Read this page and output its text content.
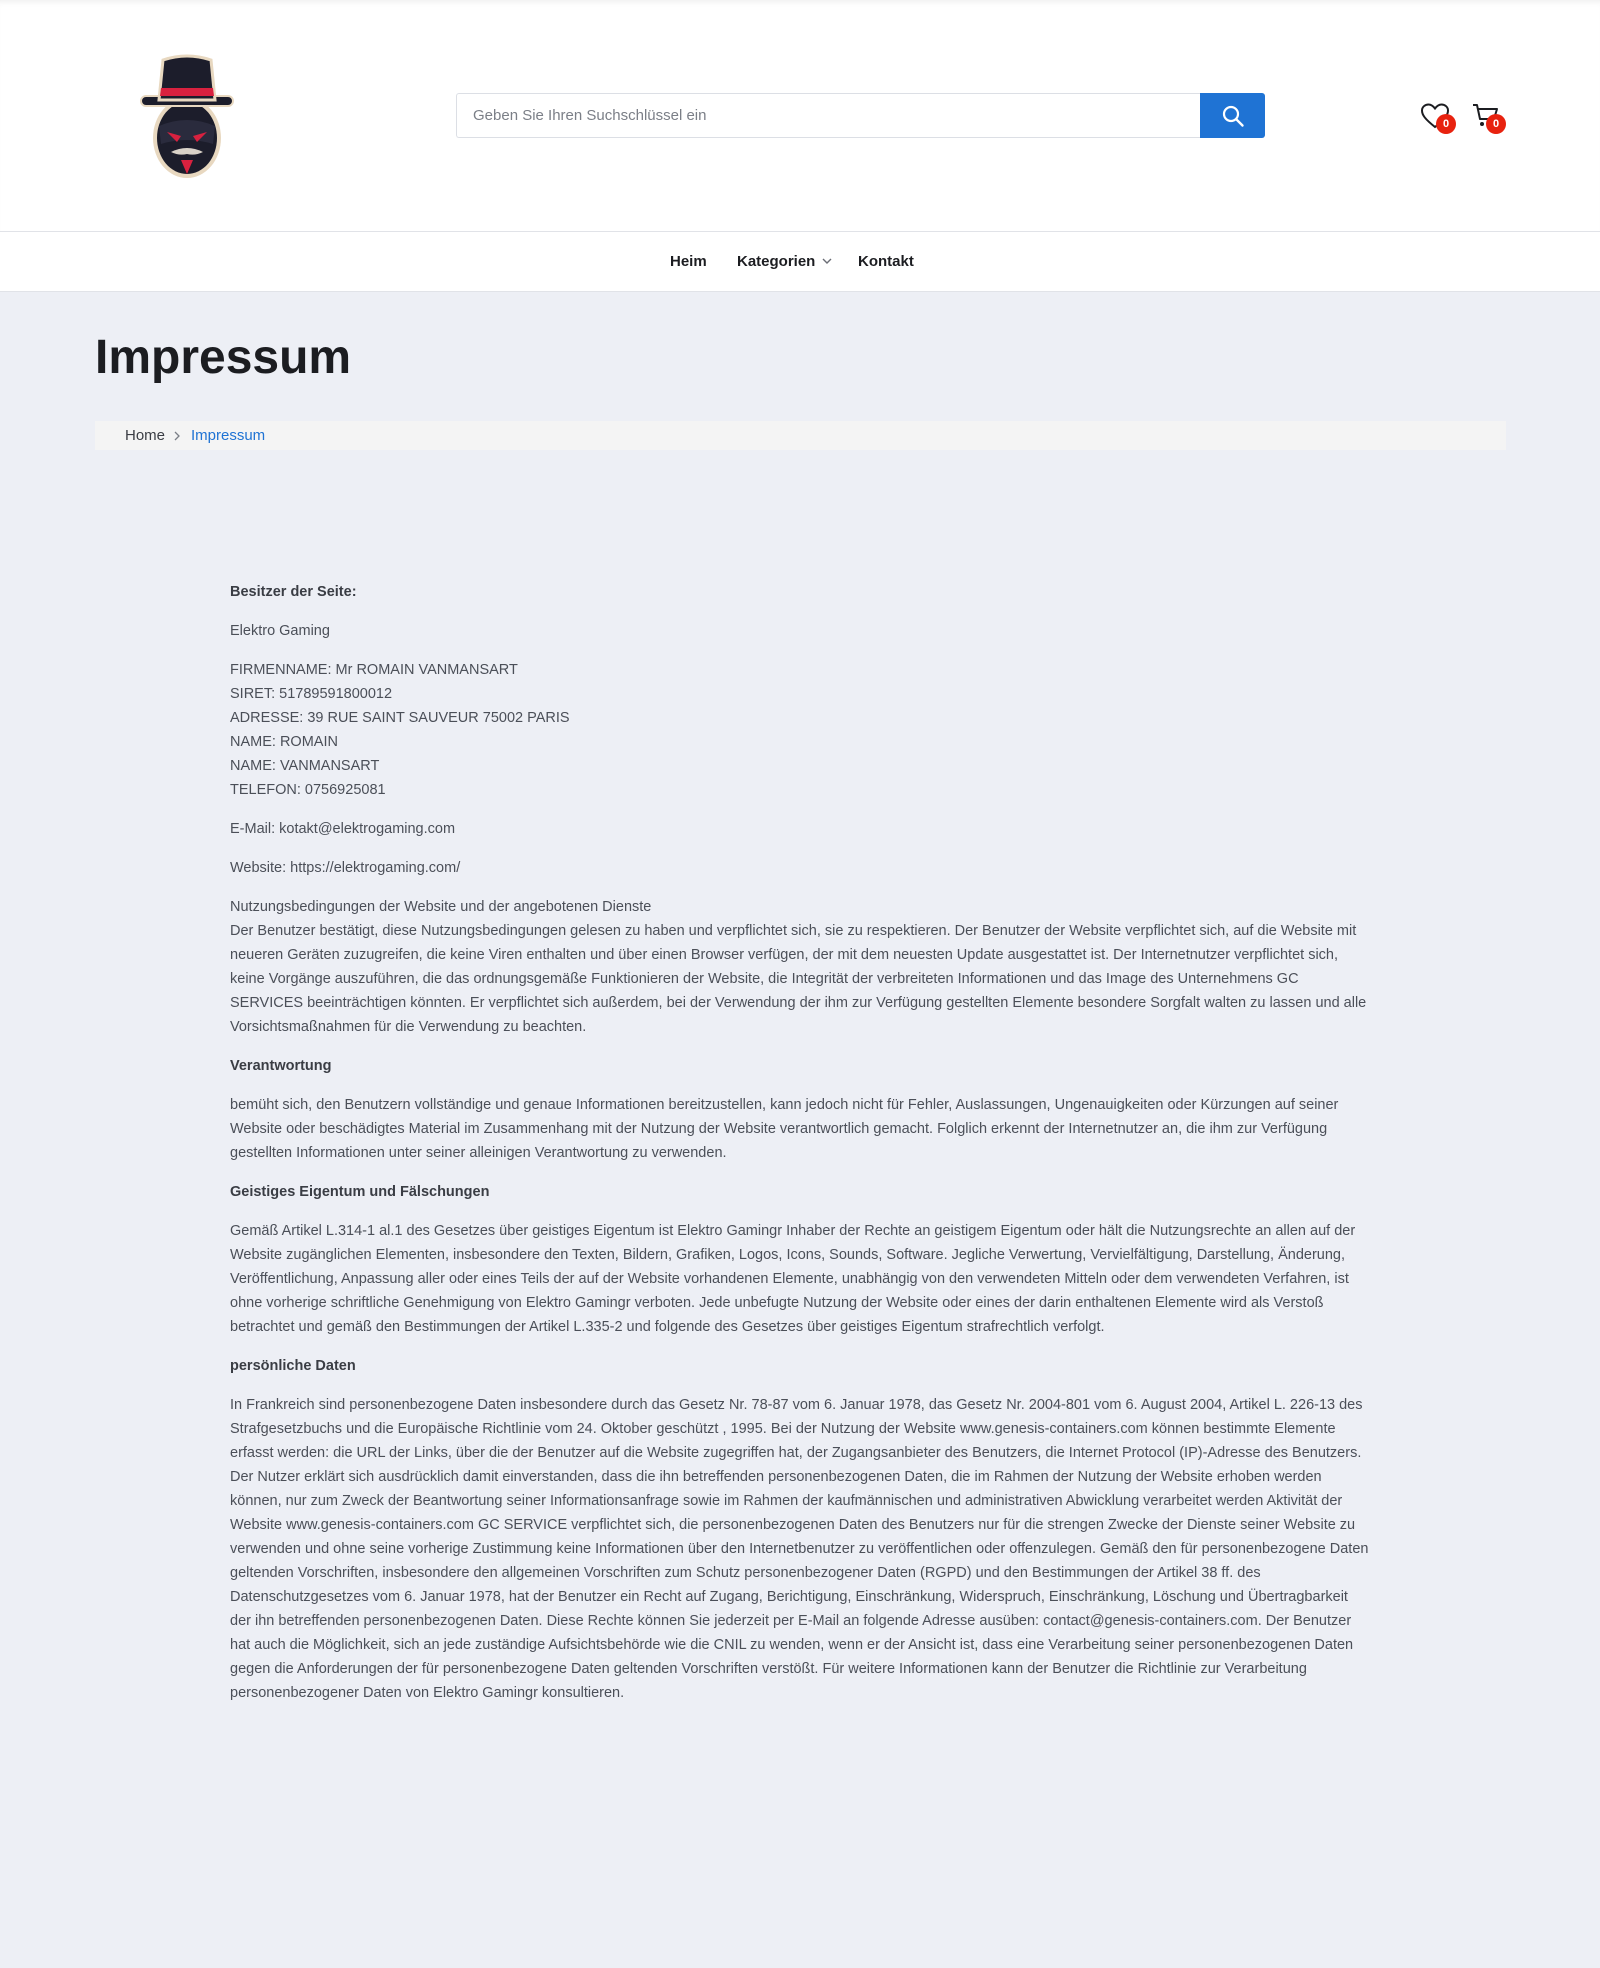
Geben Sie Ihren Suchschlüssel ein
0	0
Heim Kategorien	Kontakt
Impressum
Home Impressum

Besitzer der Seite:

Elektro Gaming

FIRMENNAME: Mr ROMAIN VANMANSART
SIRET: 51789591800012
ADRESSE: 39 RUE SAINT SAUVEUR 75002 PARIS
NAME: ROMAIN
NAME: VANMANSART
TELEFON: 0756925081

E-Mail: kotakt@elektrogaming.com

Website: https://elektrogaming.com/

Nutzungsbedingungen der Website und der angebotenen Dienste
Der Benutzer bestätigt, diese Nutzungsbedingungen gelesen zu haben und verpflichtet sich, sie zu respektieren. Der Benutzer der Website verpflichtet sich, auf die Website mit neueren Geräten zuzugreifen, die keine Viren enthalten und über einen Browser verfügen, der mit dem neuesten Update ausgestattet ist. Der Internetnutzer verpflichtet sich, keine Vorgänge auszuführen, die das ordnungsgemäße Funktionieren der Website, die Integrität der verbreiteten Informationen und das Image des Unternehmens GC SERVICES beeinträchtigen könnten. Er verpflichtet sich außerdem, bei der Verwendung der ihm zur Verfügung gestellten Elemente besondere Sorgfalt walten zu lassen und alle Vorsichtsmaßnahmen für die Verwendung zu beachten.

Verantwortung

bemüht sich, den Benutzern vollständige und genaue Informationen bereitzustellen, kann jedoch nicht für Fehler, Auslassungen, Ungenauigkeiten oder Kürzungen auf seiner Website oder beschädigtes Material im Zusammenhang mit der Nutzung der Website verantwortlich gemacht. Folglich erkennt der Internetnutzer an, die ihm zur Verfügung gestellten Informationen unter seiner alleinigen Verantwortung zu verwenden.

Geistiges Eigentum und Fälschungen

Gemäß Artikel L.314-1 al.1 des Gesetzes über geistiges Eigentum ist Elektro Gamingr Inhaber der Rechte an geistigem Eigentum oder hält die Nutzungsrechte an allen auf der Website zugänglichen Elementen, insbesondere den Texten, Bildern, Grafiken, Logos, Icons, Sounds, Software. Jegliche Verwertung, Vervielfältigung, Darstellung, Änderung, Veröffentlichung, Anpassung aller oder eines Teils der auf der Website vorhandenen Elemente, unabhängig von den verwendeten Mitteln oder dem verwendeten Verfahren, ist ohne vorherige schriftliche Genehmigung von Elektro Gamingr verboten. Jede unbefugte Nutzung der Website oder eines der darin enthaltenen Elemente wird als Verstoß betrachtet und gemäß den Bestimmungen der Artikel L.335-2 und folgende des Gesetzes über geistiges Eigentum strafrechtlich verfolgt.

persönliche Daten

In Frankreich sind personenbezogene Daten insbesondere durch das Gesetz Nr. 78-87 vom 6. Januar 1978, das Gesetz Nr. 2004-801 vom 6. August 2004, Artikel L. 226-13 des Strafgesetzbuchs und die Europäische Richtlinie vom 24. Oktober geschützt , 1995. Bei der Nutzung der Website www.genesis-containers.com können bestimmte Elemente erfasst werden: die URL der Links, über die der Benutzer auf die Website zugegriffen hat, der Zugangsanbieter des Benutzers, die Internet Protocol (IP)-Adresse des Benutzers. Der Nutzer erklärt sich ausdrücklich damit einverstanden, dass die ihn betreffenden personenbezogenen Daten, die im Rahmen der Nutzung der Website erhoben werden können, nur zum Zweck der Beantwortung seiner Informationsanfrage sowie im Rahmen der kaufmännischen und administrativen Abwicklung verarbeitet werden Aktivität der Website www.genesis-containers.com GC SERVICE verpflichtet sich, die personenbezogenen Daten des Benutzers nur für die strengen Zwecke der Dienste seiner Website zu verwenden und ohne seine vorherige Zustimmung keine Informationen über den Internetbenutzer zu veröffentlichen oder offenzulegen. Gemäß den für personenbezogene Daten geltenden Vorschriften, insbesondere den allgemeinen Vorschriften zum Schutz personenbezogener Daten (RGPD) und den Bestimmungen der Artikel 38 ff. des Datenschutzgesetzes vom 6. Januar 1978, hat der Benutzer ein Recht auf Zugang, Berichtigung, Einschränkung, Widerspruch, Einschränkung, Löschung und Übertragbarkeit der ihn betreffenden personenbezogenen Daten. Diese Rechte können Sie jederzeit per E-Mail an folgende Adresse ausüben: contact@genesis-containers.com. Der Benutzer hat auch die Möglichkeit, sich an jede zuständige Aufsichtsbehörde wie die CNIL zu wenden, wenn er der Ansicht ist, dass eine Verarbeitung seiner personenbezogenen Daten gegen die Anforderungen der für personenbezogene Daten geltenden Vorschriften verstößt. Für weitere Informationen kann der Benutzer die Richtlinie zur Verarbeitung personenbezogener Daten von Elektro Gamingr konsultieren.
